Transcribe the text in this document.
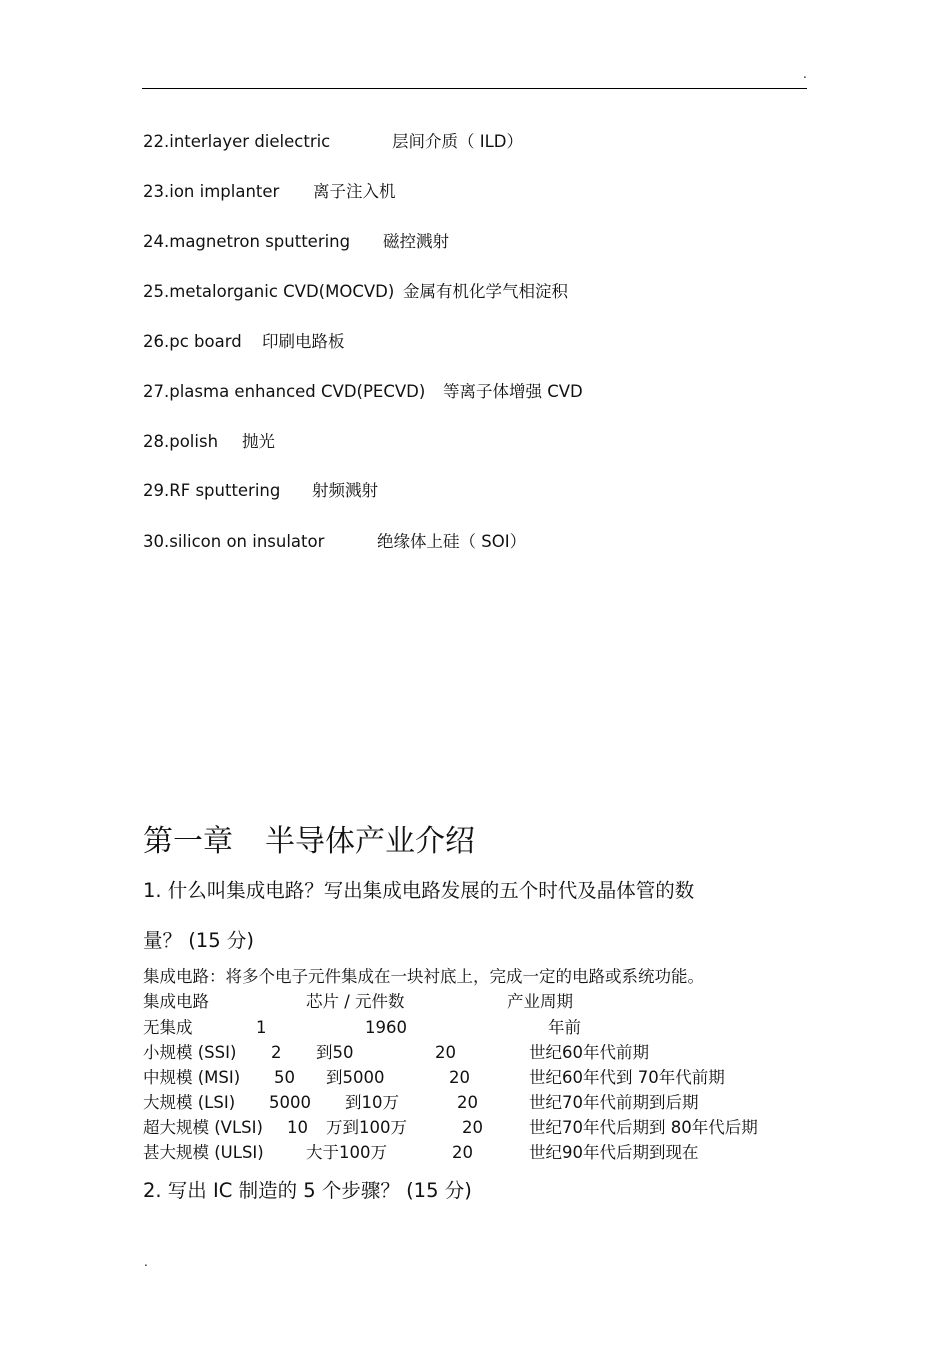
.
22.interlayer dielectric	层间介质（ ILD）
23.ion implanter 离子注入机
24.magnetron sputtering 磁控溅射
25.metalorganic CVD(MOCVD) 金属有机化学气相淀积
26.pc board 印刷电路板
27.plasma enhanced CVD(PECVD) 等离子体增强 CVD
28.polish 抛光
29.RF sputtering 射频溅射
30.silicon on insulator	绝缘体上硅（ SOI）
第一章 半导体产业介绍
1. 什么叫集成电路？写出集成电路发展的五个时代及晶体管的数
量？ (15 分)
集成电路：将多个电子元件集成在一块衬底上，完成一定的电路或系统功能。
集成电路	芯片 / 元件数	产业周期
无集成	1	1960	年前
小规模 (SSI) 2 到50	20	世纪60年代前期
中规模 (MSI) 50 到5000	20	世纪60年代到 70年代前期
大规模 (LSI) 5000 到10万	20	世纪70年代前期到后期
超大规模 (VLSI) 10 万到100万	20	世纪70年代后期到 80年代后期
甚大规模 (ULSI)	大于100万	20	世纪90年代后期到现在
2. 写出 IC 制造的 5 个步骤？ (15 分)
.
